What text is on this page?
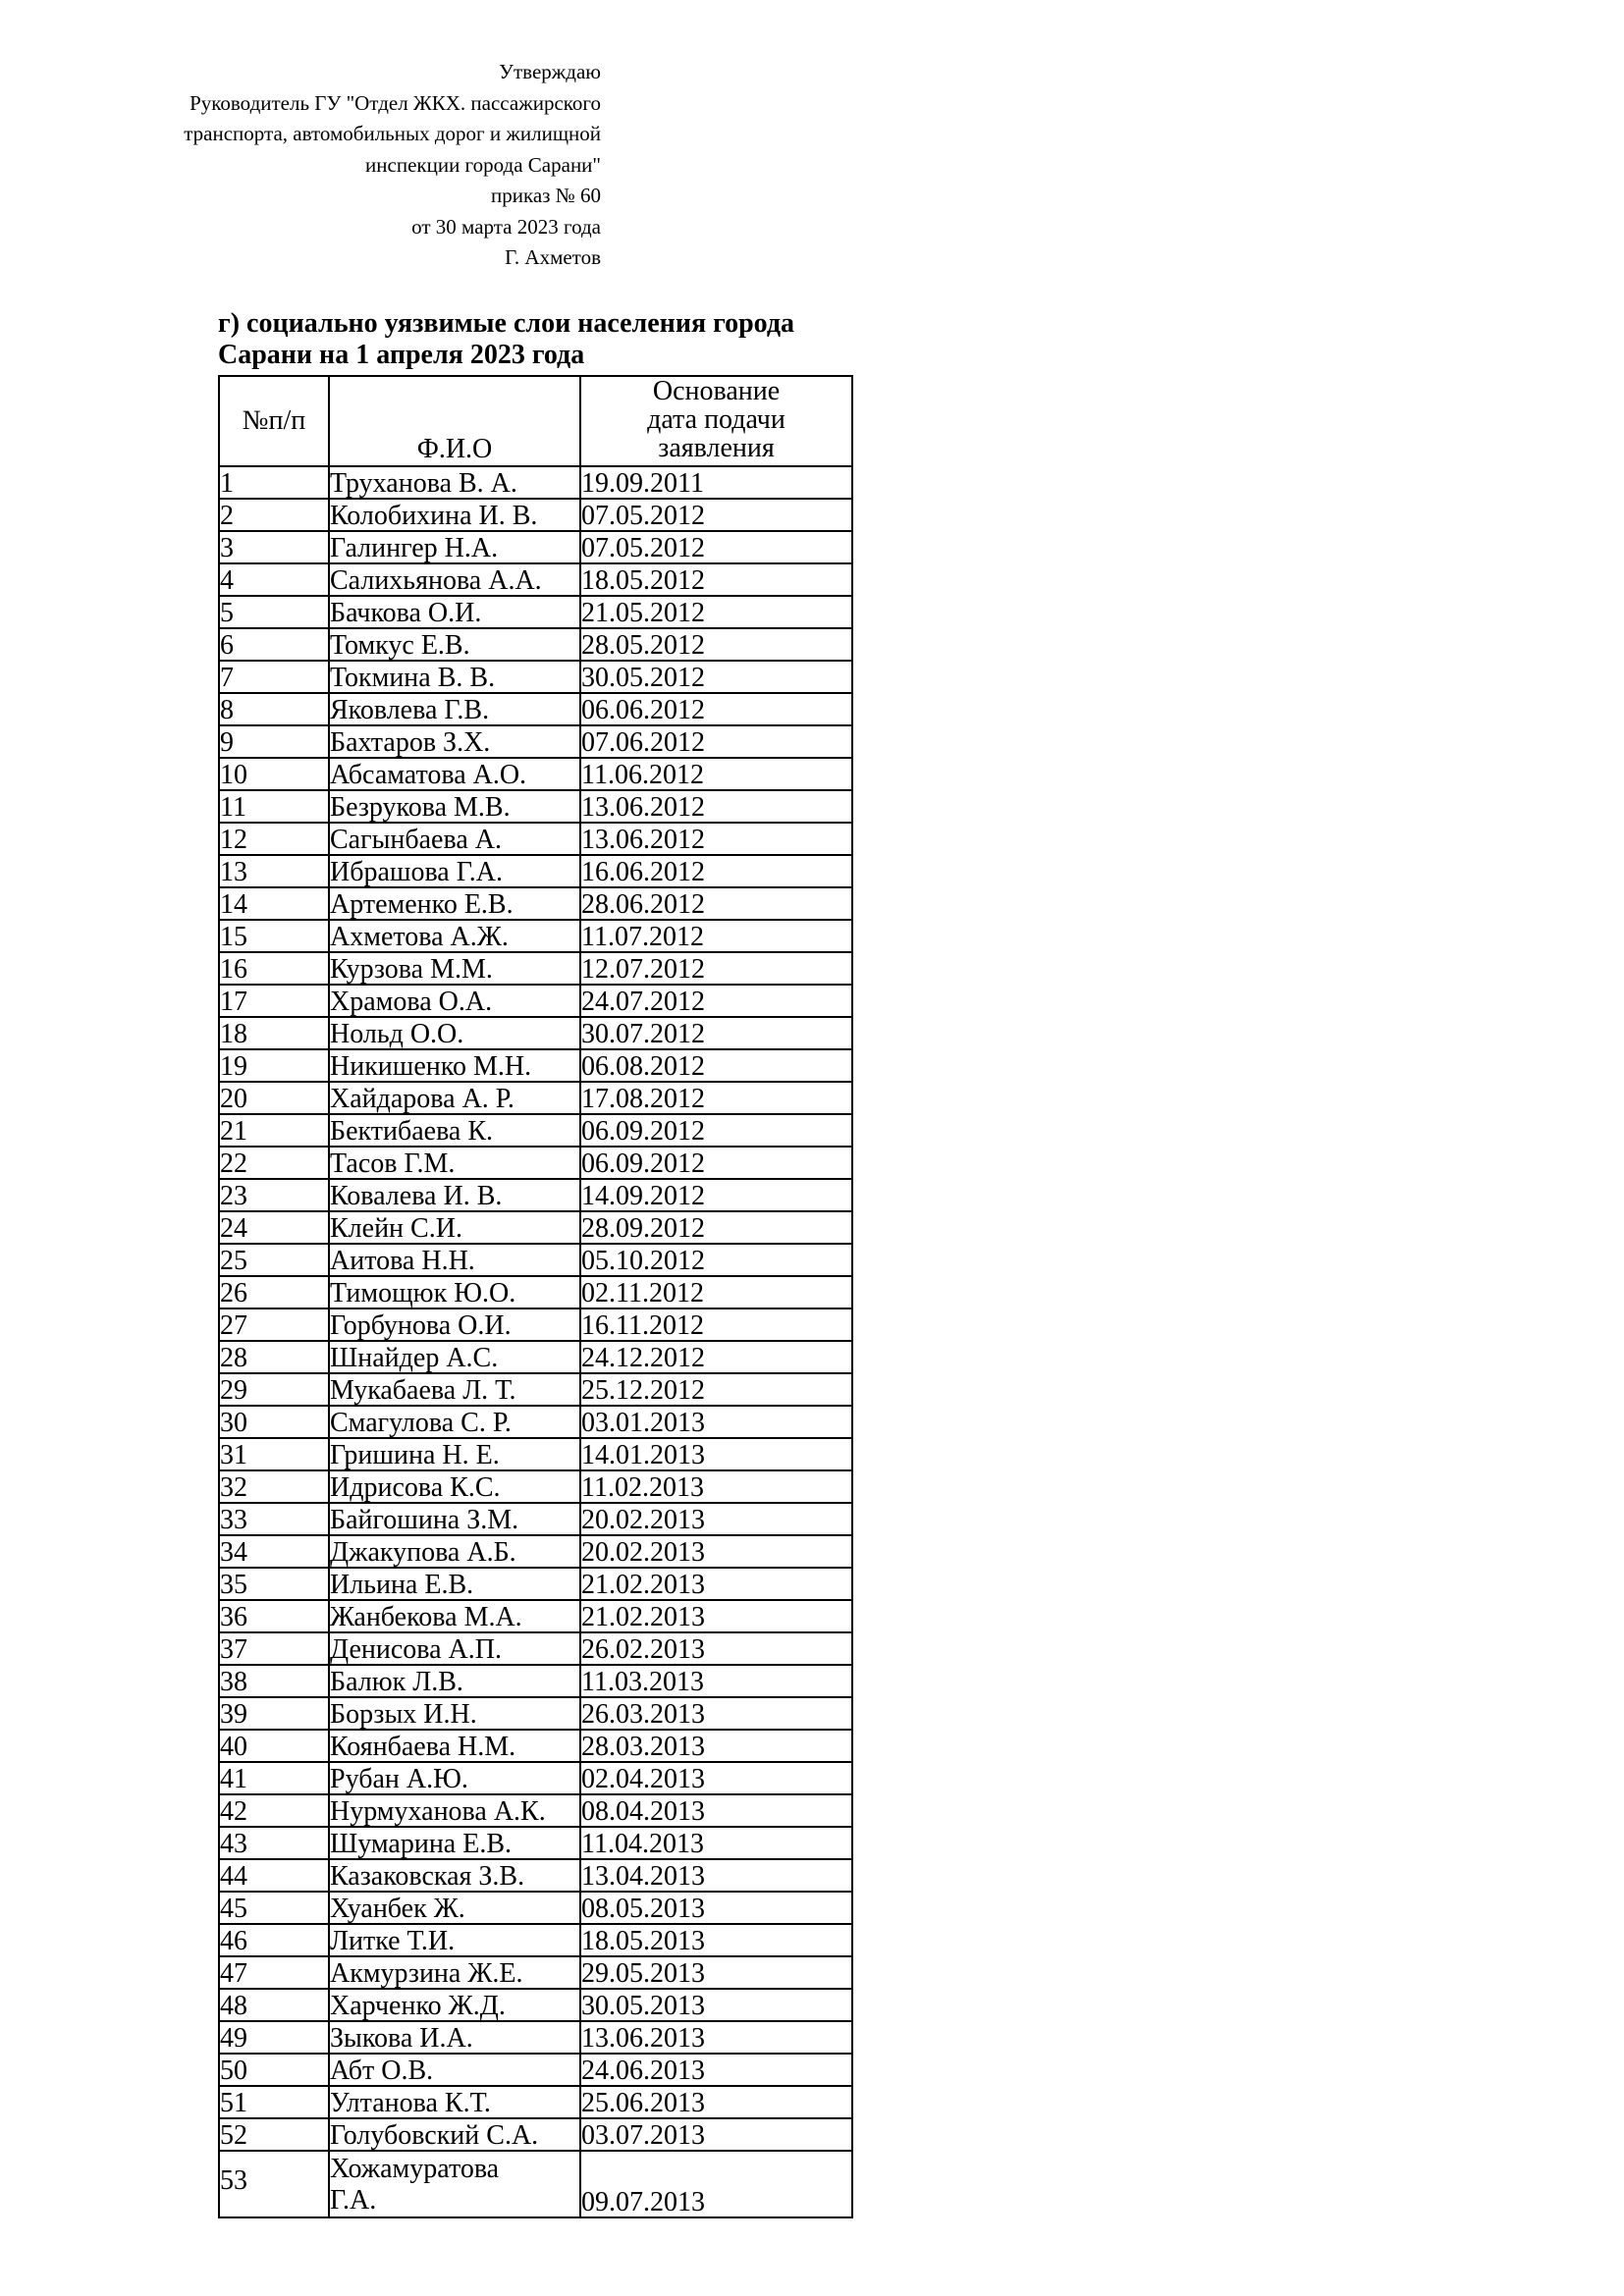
Утверждаю
Руководитель ГУ "Отдел ЖКХ. пассажирского
транспорта, автомобильных дорог и жилищной
инспекции города Сарани"
приказ № 60
от 30 марта 2023 года
Г. Ахметов
г) социально уязвимые слои населения города
Сарани на 1 апреля 2023 года
№п/п	Ф.И.О	Основание
дата подачи
заявления

1	Труханова В. А.	19.09.2011
2	Колобихина И. В.	07.05.2012
3	Галингер Н.А.	07.05.2012
4	Салихьянова А.А.	18.05.2012
5	Бачкова О.И.	21.05.2012
6	Томкус Е.В.	28.05.2012
7	Токмина В. В.	30.05.2012
8	Яковлева Г.В.	06.06.2012
9	Бахтаров З.Х.	07.06.2012
10	Абсаматова А.О.	11.06.2012
11	Безрукова М.В.	13.06.2012
12	Сагынбаева А.	13.06.2012
13	Ибрашова Г.А.	16.06.2012
14	Артеменко Е.В.	28.06.2012
15	Ахметова А.Ж.	11.07.2012
16	Курзова М.М.	12.07.2012
17	Храмова О.А.	24.07.2012
18	Нольд О.О.	30.07.2012
19	Никишенко М.Н.	06.08.2012
20	Хайдарова А. Р.	17.08.2012
21	Бектибаева К.	06.09.2012
22	Тасов Г.М.	06.09.2012
23	Ковалева И. В.	14.09.2012
24	Клейн С.И.	28.09.2012
25	Аитова Н.Н.	05.10.2012
26	Тимощюк Ю.О.	02.11.2012
27	Горбунова О.И.	16.11.2012
28	Шнайдер А.С.	24.12.2012
29	Мукабаева Л. Т.	25.12.2012
30	Смагулова С. Р.	03.01.2013
31	Гришина Н. Е.	14.01.2013
32	Идрисова К.С.	11.02.2013
33	Байгошина З.М.	20.02.2013
34	Джакупова А.Б.	20.02.2013
35	Ильина Е.В.	21.02.2013
36	Жанбекова М.А.	21.02.2013
37	Денисова А.П.	26.02.2013
38	Балюк Л.В.	11.03.2013
39	Борзых И.Н.	26.03.2013
40	Коянбаева Н.М.	28.03.2013
41	Рубан А.Ю.	02.04.2013
42	Нурмуханова А.К.	08.04.2013
43	Шумарина Е.В.	11.04.2013
44	Казаковская З.В.	13.04.2013
45	Хуанбек Ж.	08.05.2013
46	Литке Т.И.	18.05.2013
47	Акмурзина Ж.Е.	29.05.2013
48	Харченко Ж.Д.	30.05.2013
49	Зыкова И.А.	13.06.2013
50	Абт О.В.	24.06.2013
51	Ултанова К.Т.	25.06.2013
52	Голубовский С.А.	03.07.2013
53	Хожамуратова Г.А.	09.07.2013
